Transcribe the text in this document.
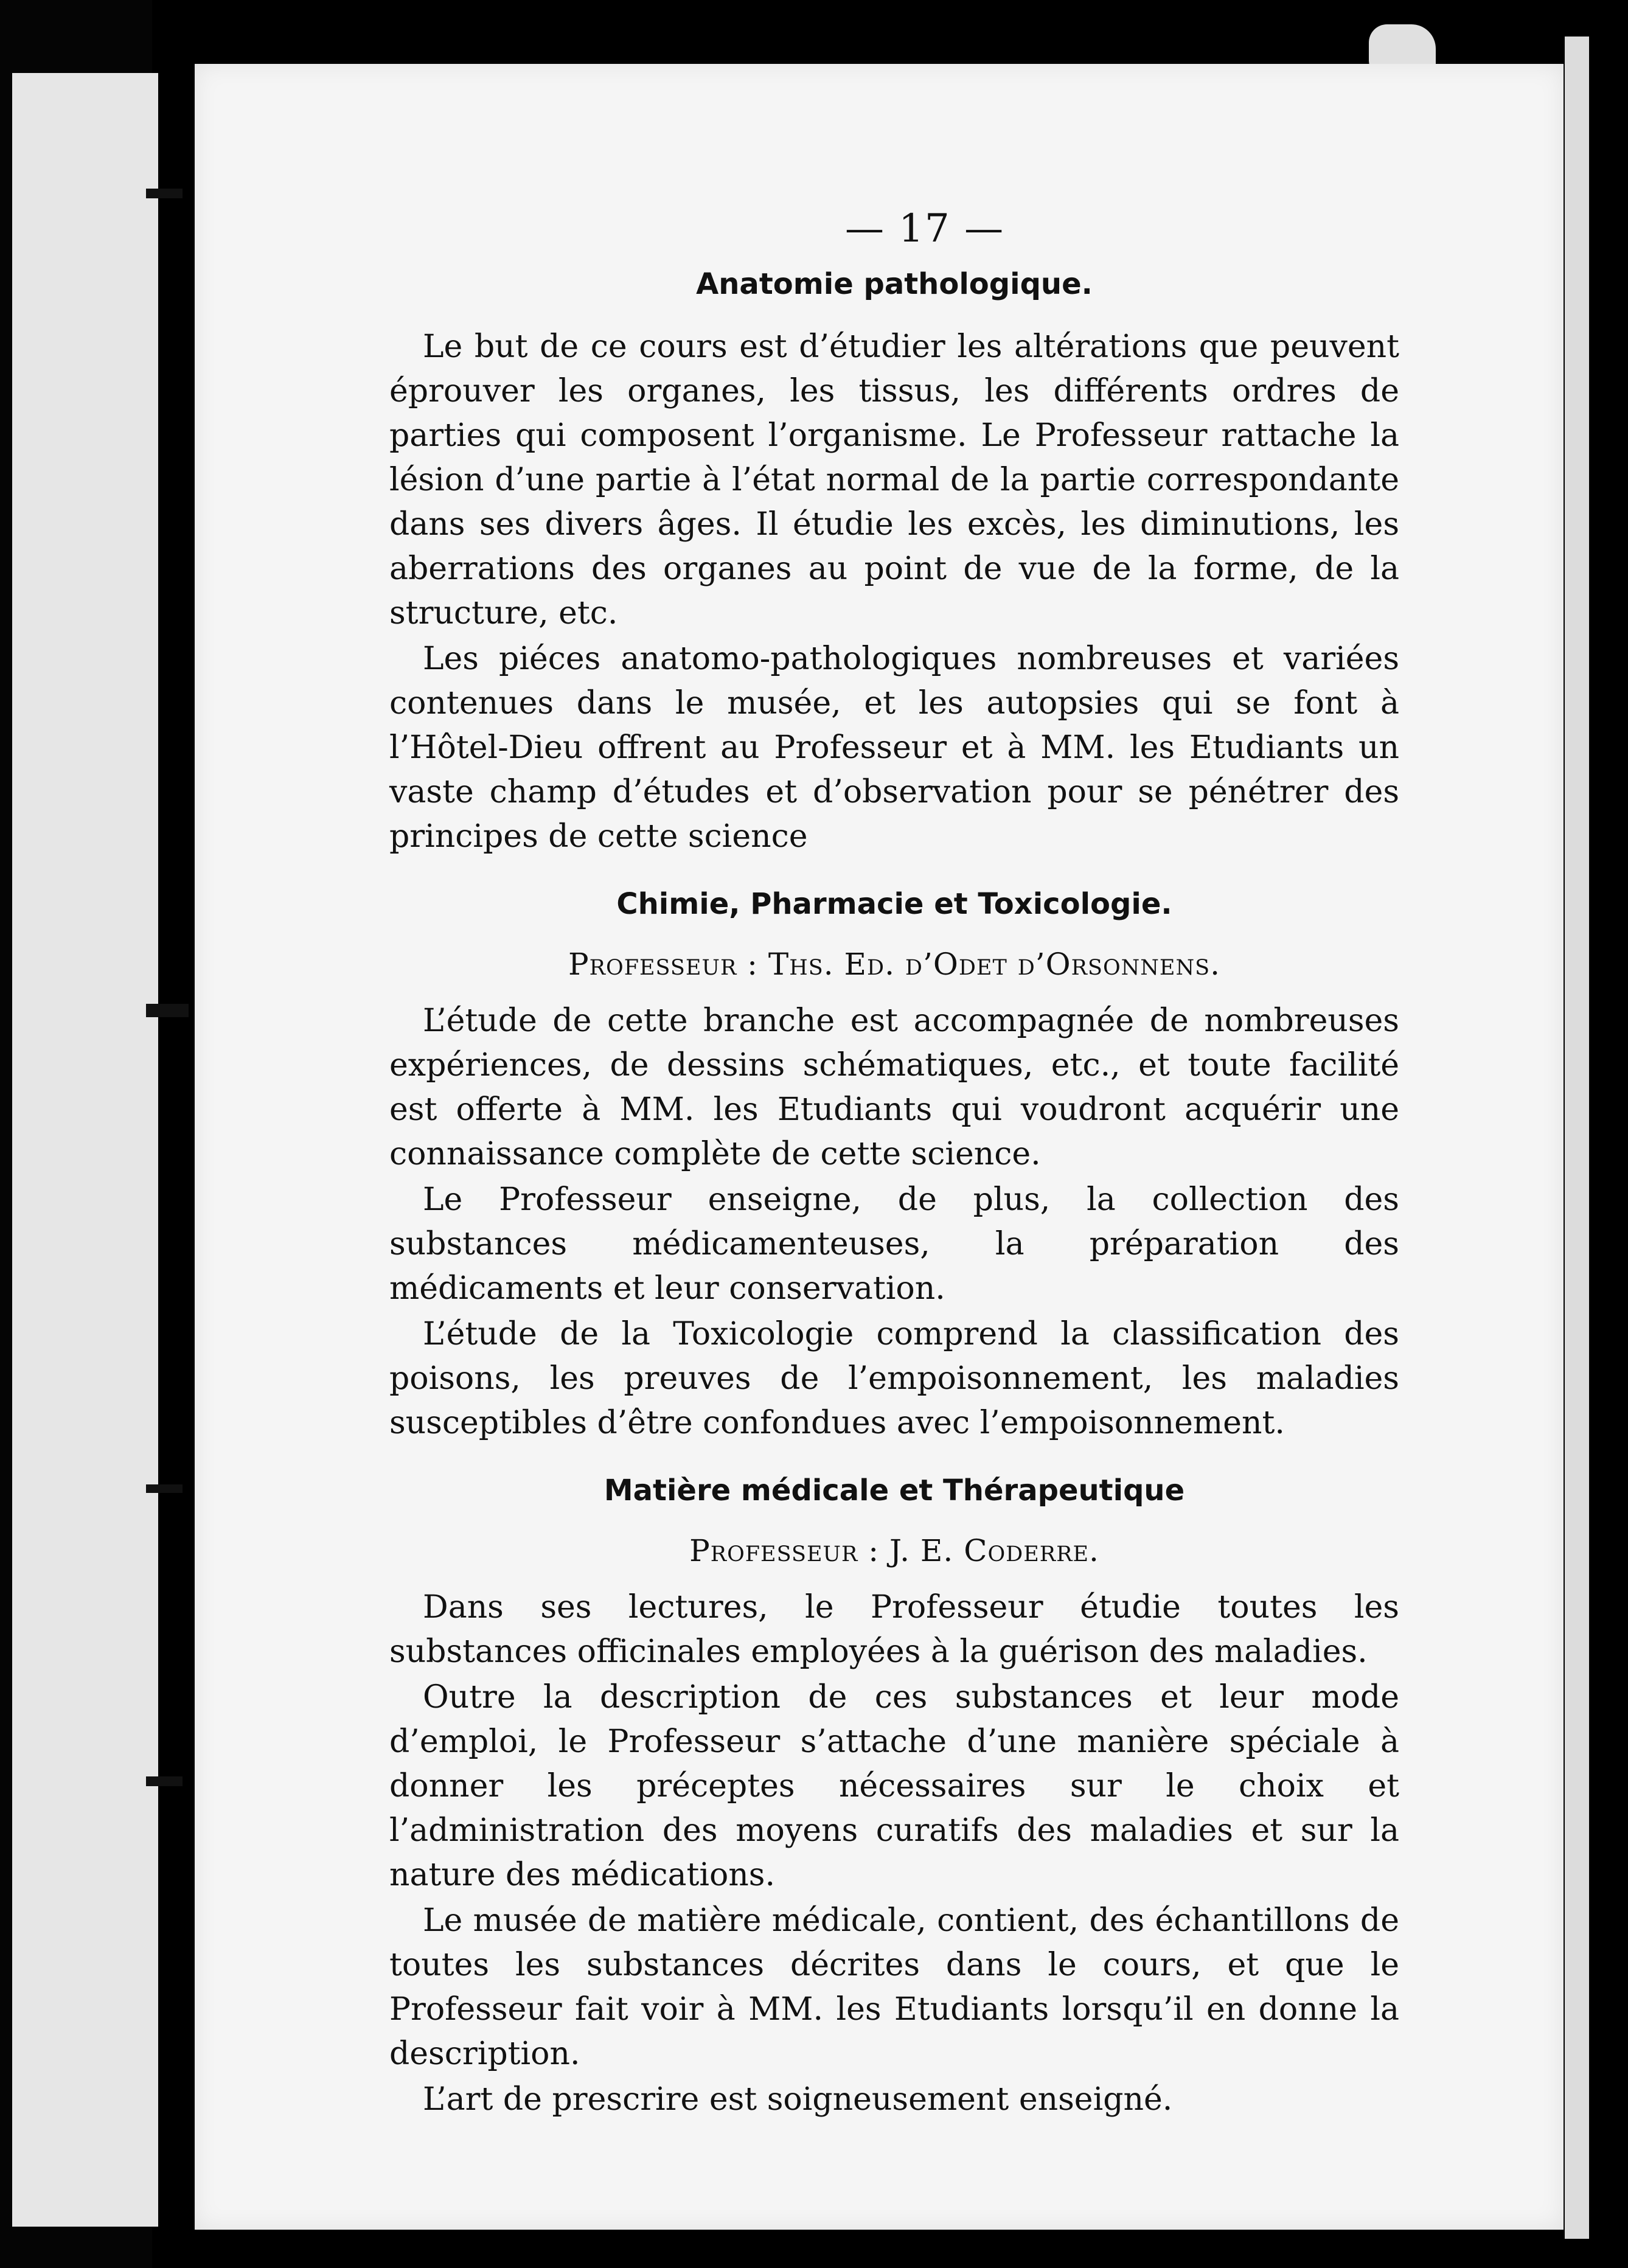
— 17 —
Anatomie pathologique.

Le but de ce cours est d’étudier les altérations que peuvent éprouver les organes, les tissus, les différents ordres de parties qui composent l’organisme. Le Professeur rattache la lésion d’une partie à l’état normal de la partie correspondante dans ses divers âges. Il étudie les excès, les diminutions, les aberrations des organes au point de vue de la forme, de la structure, etc.

Les piéces anatomo-pathologiques nombreuses et variées contenues dans le musée, et les autopsies qui se font à l’Hôtel-Dieu offrent au Professeur et à MM. les Etudiants un vaste champ d’études et d’observation pour se pénétrer des principes de cette science

Chimie, Pharmacie et Toxicologie.
Professeur : Ths. Ed. d’Odet d’Orsonnens.

L’étude de cette branche est accompagnée de nombreuses expériences, de dessins schématiques, etc., et toute facilité est offerte à MM. les Etudiants qui voudront acquérir une connaissance complète de cette science.

Le Professeur enseigne, de plus, la collection des substances médicamenteuses, la préparation des médicaments et leur conservation.

L’étude de la Toxicologie comprend la classification des poisons, les preuves de l’empoisonnement, les maladies susceptibles d’être confondues avec l’empoisonnement.

Matière médicale et Thérapeutique
Professeur : J. E. Coderre.

Dans ses lectures, le Professeur étudie toutes les substances officinales employées à la guérison des maladies.

Outre la description de ces substances et leur mode d’emploi, le Professeur s’attache d’une manière spéciale à donner les préceptes nécessaires sur le choix et l’administration des moyens curatifs des maladies et sur la nature des médications.

Le musée de matière médicale, contient, des échantillons de toutes les substances décrites dans le cours, et que le Professeur fait voir à MM. les Etudiants lorsqu’il en donne la description.

L’art de prescrire est soigneusement enseigné.
